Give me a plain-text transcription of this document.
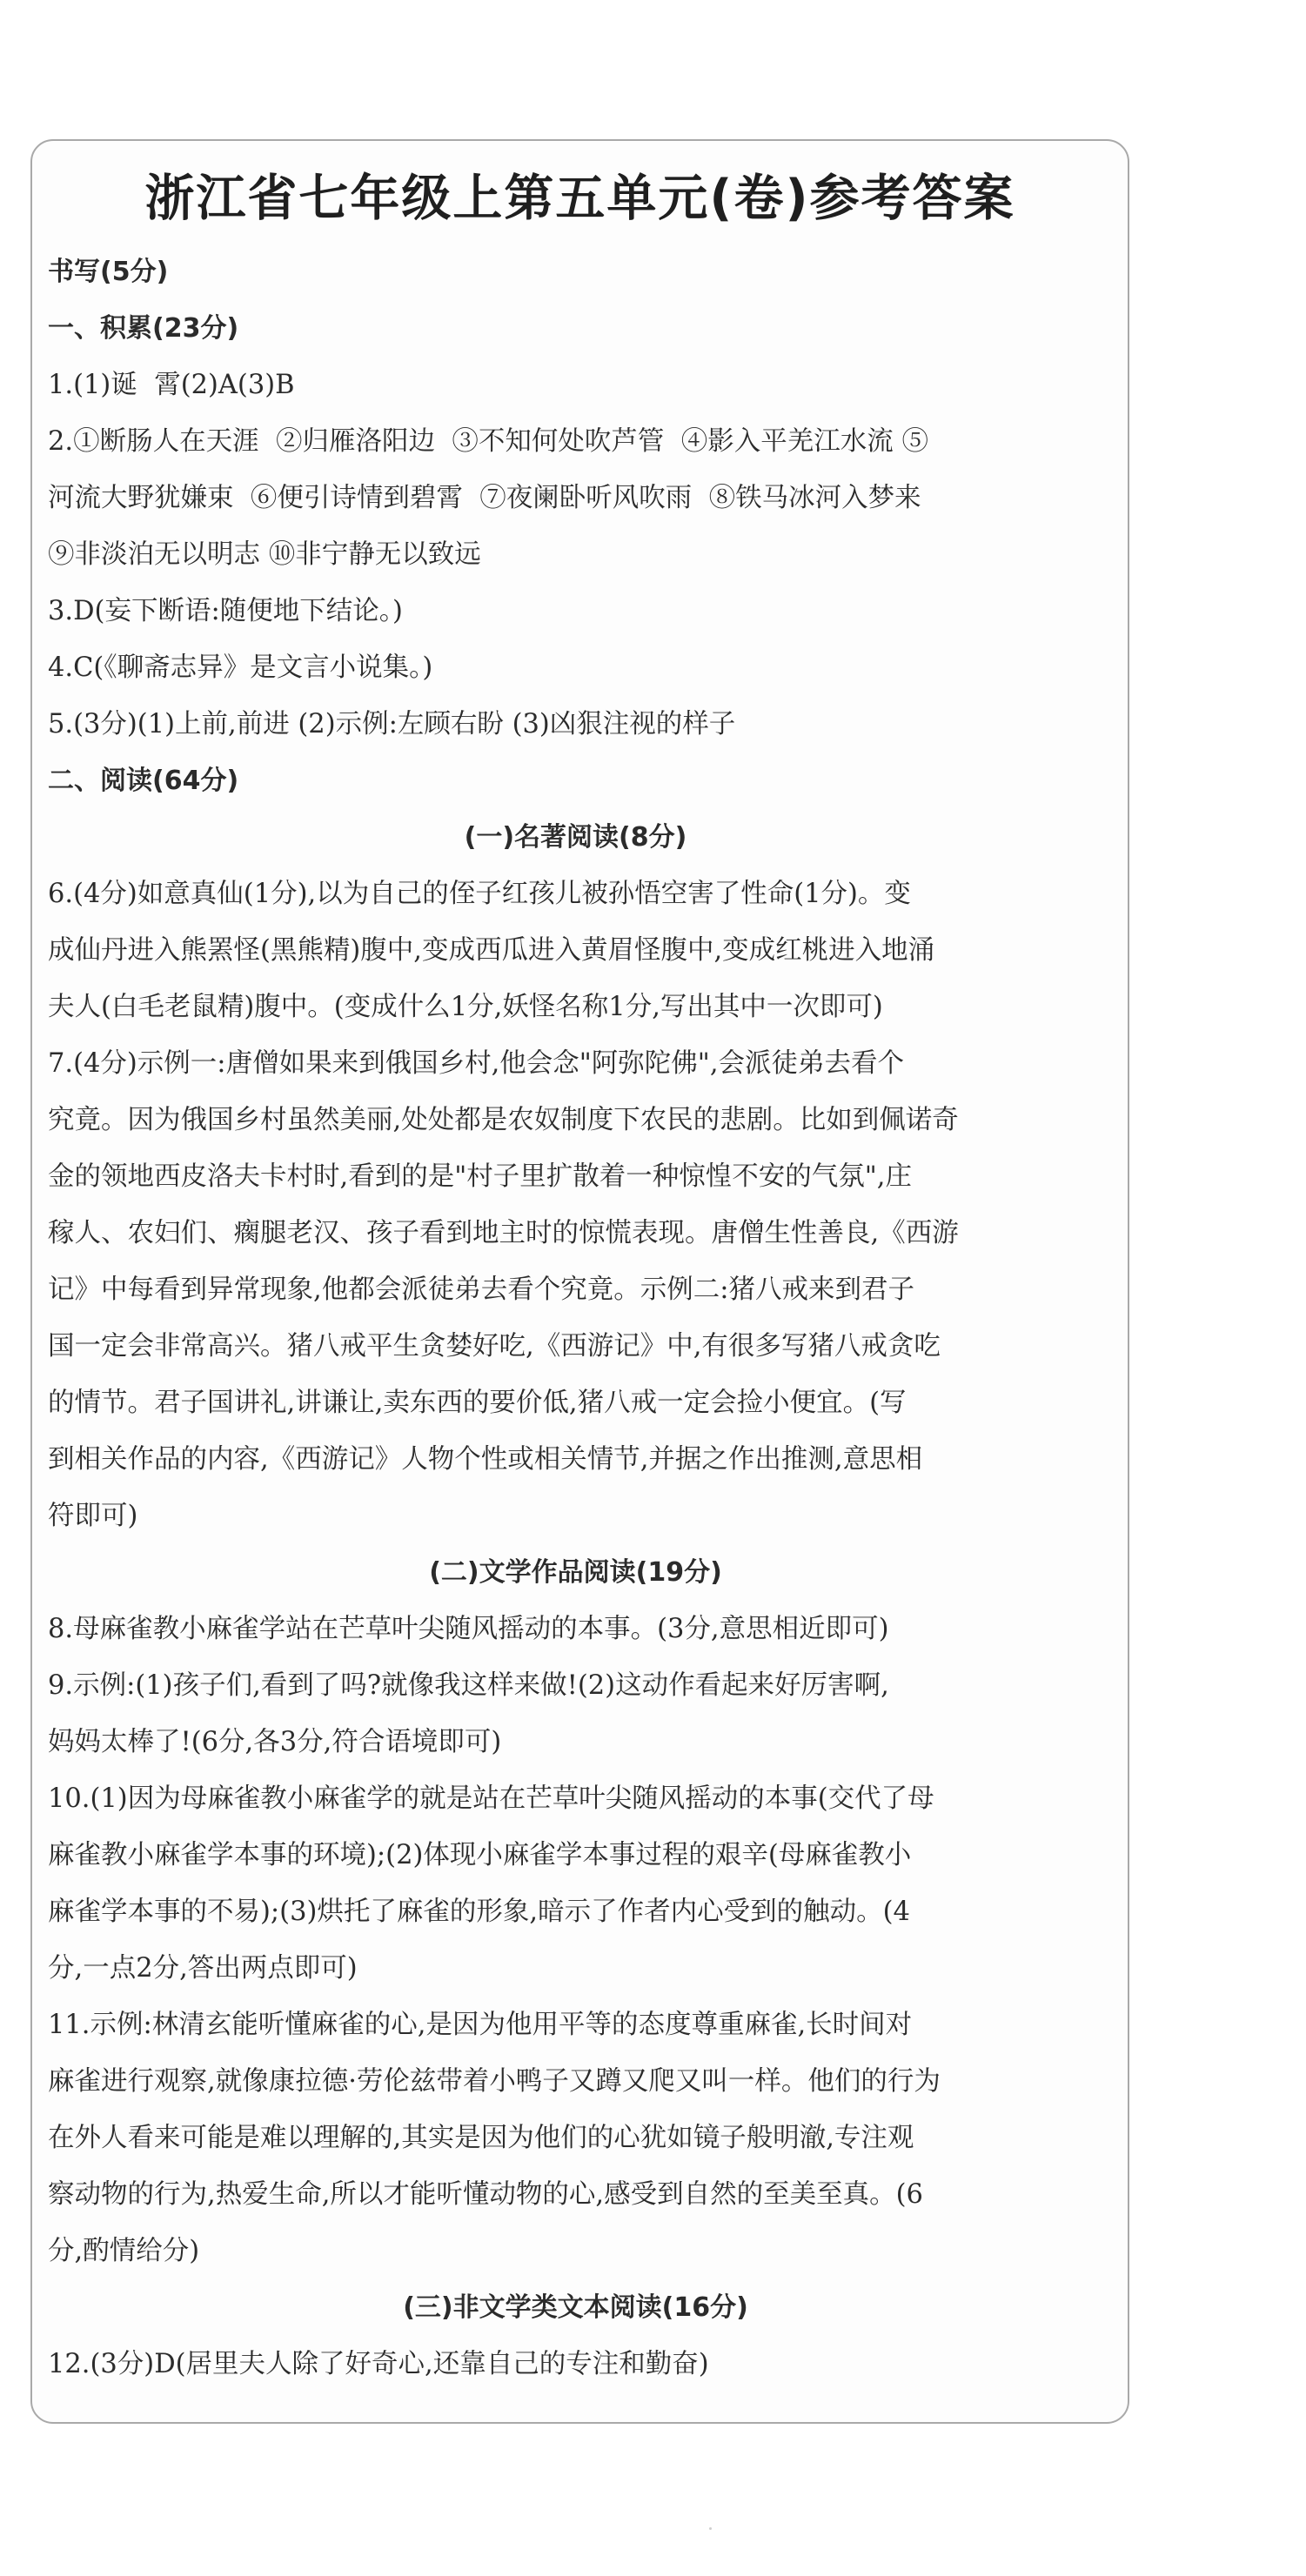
浙江省七年级上第五单元(卷)参考答案
书写(5分)
一、积累(23分)
1.(1)诞  霄(2)A(3)B
2.①断肠人在天涯  ②归雁洛阳边  ③不知何处吹芦管  ④影入平羌江水流 ⑤
河流大野犹嫌束  ⑥便引诗情到碧霄  ⑦夜阑卧听风吹雨  ⑧铁马冰河入梦来
⑨非淡泊无以明志 ⑩非宁静无以致远
3.D(妄下断语:随便地下结论。)
4.C(《聊斋志异》是文言小说集。)
5.(3分)(1)上前,前进 (2)示例:左顾右盼 (3)凶狠注视的样子
二、阅读(64分)
(一)名著阅读(8分)
6.(4分)如意真仙(1分),以为自己的侄子红孩儿被孙悟空害了性命(1分)。变
成仙丹进入熊罴怪(黑熊精)腹中,变成西瓜进入黄眉怪腹中,变成红桃进入地涌
夫人(白毛老鼠精)腹中。(变成什么1分,妖怪名称1分,写出其中一次即可)
7.(4分)示例一:唐僧如果来到俄国乡村,他会念"阿弥陀佛",会派徒弟去看个
究竟。因为俄国乡村虽然美丽,处处都是农奴制度下农民的悲剧。比如到佩诺奇
金的领地西皮洛夫卡村时,看到的是"村子里扩散着一种惊惶不安的气氛",庄
稼人、农妇们、瘸腿老汉、孩子看到地主时的惊慌表现。唐僧生性善良,《西游
记》中每看到异常现象,他都会派徒弟去看个究竟。示例二:猪八戒来到君子
国一定会非常高兴。猪八戒平生贪婪好吃,《西游记》中,有很多写猪八戒贪吃
的情节。君子国讲礼,讲谦让,卖东西的要价低,猪八戒一定会捡小便宜。(写
到相关作品的内容,《西游记》人物个性或相关情节,并据之作出推测,意思相
符即可)
(二)文学作品阅读(19分)
8.母麻雀教小麻雀学站在芒草叶尖随风摇动的本事。(3分,意思相近即可)
9.示例:(1)孩子们,看到了吗?就像我这样来做!(2)这动作看起来好厉害啊,
妈妈太棒了!(6分,各3分,符合语境即可)
10.(1)因为母麻雀教小麻雀学的就是站在芒草叶尖随风摇动的本事(交代了母
麻雀教小麻雀学本事的环境);(2)体现小麻雀学本事过程的艰辛(母麻雀教小
麻雀学本事的不易);(3)烘托了麻雀的形象,暗示了作者内心受到的触动。(4
分,一点2分,答出两点即可)
11.示例:林清玄能听懂麻雀的心,是因为他用平等的态度尊重麻雀,长时间对
麻雀进行观察,就像康拉德·劳伦兹带着小鸭子又蹲又爬又叫一样。他们的行为
在外人看来可能是难以理解的,其实是因为他们的心犹如镜子般明澈,专注观
察动物的行为,热爱生命,所以才能听懂动物的心,感受到自然的至美至真。(6
分,酌情给分)
(三)非文学类文本阅读(16分)
12.(3分)D(居里夫人除了好奇心,还靠自己的专注和勤奋)
